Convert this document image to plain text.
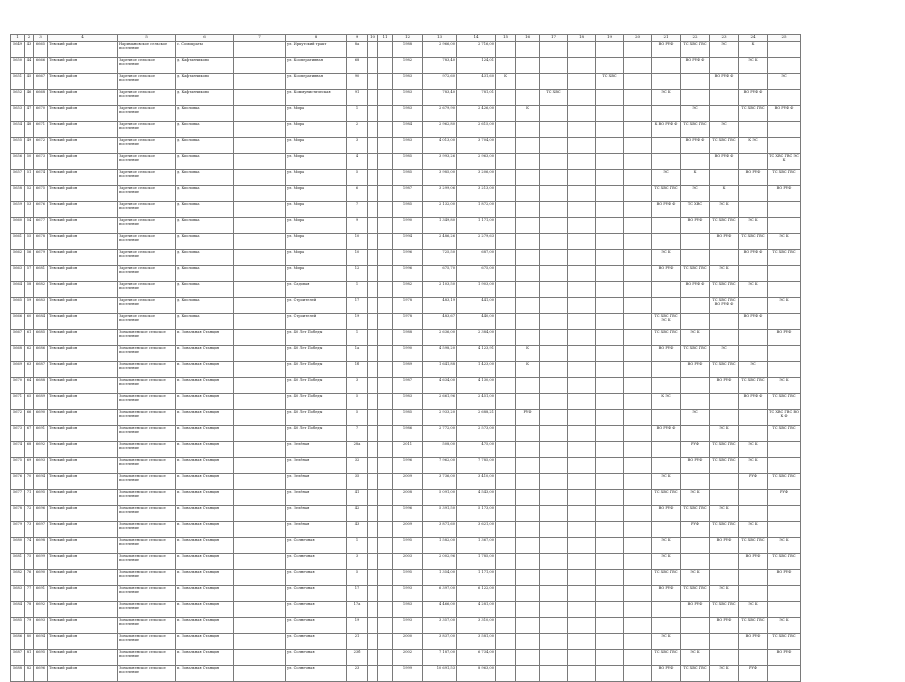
1	2	3	4	5	6	7	8	9	10	11	12	13	14	15	16	17	18	19	20	21	22	23	24	25
5649	43	6665	Тевский район	Наримановское сельское поселение	с. Сомократы		ул. Иркутский тракт	8a			1988	2 966,00	2 716,00							ВО РУФ	ТС ХВС ГВС	ЭС	К	
5650	44	6666	Тевский район	Заречное сельское поселение	д. Кафтанчиково		ул. Кооперативная	68			1982	783,40	124,01								ВО РУФ Ф		ЭС К	
5651	45	6667	Тевский район	Заречное сельское поселение	д. Кафтанчиково		ул. Кооперативная	90			1983	972,60	431,60	К				ТС ХВС				ВО РУФ Ф		ЭС
5652	46	6668	Тевский район	Заречное сельское поселение	д. Кафтанчиково		ул. Коммунистическая	91			1983	783,40	781,01			ТС ХВС				ЭС К			ВО РУФ Ф	
5653	47	6670	Тевский район	Заречное сельское поселение	д. Кисловка		ул. Мира	1			1983	2 679,90	2 426,00		К						ЭС		ТС ХВС ГВС	ВО РУФ Ф
5654	48	6671	Тевский район	Заречное сельское поселение	д. Кисловка		ул. Мира	2			1984	2 962,80	2 615,00							К ВО РУФ Ф	ТС ХВС ГВС	ЭС		
5655	49	6672	Тевский район	Заречное сельское поселение	д. Кисловка		ул. Мира	3			1983	4 013,00	3 704,00								ВО РУФ Ф	ТС ХВС ГВС	К ЭС	
5656	50	6673	Тевский район	Заречное сельское поселение	д. Кисловка		ул. Мира	4			1985	3 993,26	2 963,00									ВО РУФ Ф		ТС ХВС ГВС ЭС К
5657	51	6674	Тевский район	Заречное сельское поселение	д. Кисловка		ул. Мира	5			1985	3 985,00	3 206,00							ЭС	К		ВО РУФ	ТС ХВС ГВС
5658	52	6675	Тевский район	Заречное сельское поселение	д. Кисловка		ул. Мира	6			1987	3 299,06	3 213,00							ТС ХВС ГВС	ЭС	К		ВО РУФ
5659	53	6676	Тевский район	Заречное сельское поселение	д. Кисловка		ул. Мира	7			1985	2 132,00	1 872,00							ВО РУФ Ф	ТС ХВС	ЭС К		
5660	54	6677	Тевский район	Заречное сельское поселение	д. Кисловка		ул. Мира	9			1990	1 349,80	1 171,00								ВО РУФ	ТС ХВС ГВС	ЭС К	
5661	55	6678	Тевский район	Заречное сельское поселение	д. Кисловка		ул. Мира	10			1994	2 486,26	2 279,63									ВО РУФ	ТС ХВС ГВС	ЭС К
5662	56	6679	Тевский район	Заречное сельское поселение	д. Кисловка		ул. Мира	10			1996	725,50	687,00							ЭС К			ВО РУФ Ф	ТС ХВС ГВС
5663	57	6681	Тевский район	Заречное сельское поселение	д. Кисловка		ул. Мира	12			1996	675,70	675,00							ВО РУФ	ТС ХВС ГВС	ЭС К		
5664	58	6682	Тевский район	Заречное сельское поселение	д. Кисловка		ул. Садовая	1			1982	2 103,50	1 903,00								ВО РУФ Ф	ТС ХВС ГВС	ЭС К	
5665	59	6683	Тевский район	Заречное сельское поселение	д. Кисловка		ул. Строителей	17			1978	483,19	441,00									ТС ХВС ГВС ВО РУФ Ф		ЭС К
5666	60	6684	Тевский район	Заречное сельское поселение	д. Кисловка		ул. Строителей	19			1978	483,67	440,00							ТС ХВС ГВС ЭС К			ВО РУФ Ф	
5667	61	6685	Тевский район	Зональненское сельское поселение	п. Зональная Станция		ул. 40 Лет Победы	1			1988	2 636,00	2 384,00							ТС ХВС ГВС	ЭС К			ВО РУФ
5668	62	6686	Тевский район	Зональненское сельское поселение	п. Зональная Станция		ул. 40 Лет Победы	1a			1990	4 598,20	4 123,91		К					ВО РУФ	ТС ХВС ГВС	ЭС		
5669	63	6687	Тевский район	Зональненское сельское поселение	п. Зональная Станция		ул. 40 Лет Победы	1б			1989	1 641,88	1 423,00		К						ВО РУФ	ТС ХВС ГВС	ЭС	
5670	64	6688	Тевский район	Зональненское сельское поселение	п. Зональная Станция		ул. 40 Лет Победы	3			1987	4 634,00	4 130,00									ВО РУФ	ТС ХВС ГВС	ЭС К
5671	65	6689	Тевский район	Зональненское сельское поселение	п. Зональная Станция		ул. 40 Лет Победы	5			1983	2 661,96	2 451,00							К ЭС			ВО РУФ Ф	ТС ХВС ГВС
5672	66	6690	Тевский район	Зональненское сельское поселение	п. Зональная Станция		ул. 40 Лет Победы	5			1985	2 933,20	2 688,21		РУФ						ЭС			ТС ХВС ГВС ВО К Ф
5673	67	6691	Тевский район	Зональненское сельское поселение	п. Зональная Станция		ул. 40 Лет Победы	7			1986	2 772,00	2 573,00							ВО РУФ Ф		ЭС К		ТС ХВС ГВС
5674	68	6692	Тевский район	Зональненское сельское поселение	п. Зональная Станция		ул. Зелёная	28a			2011	508,00	475,00								РУФ	ТС ХВС ГВС	ЭС К	
5675	69	6693	Тевский район	Зональненское сельское поселение	п. Зональная Станция		ул. Зелёная	32			1996	7 962,00	7 785,00								ВО РУФ	ТС ХВС ГВС	ЭС К	
5676	70	6694	Тевский район	Зональненское сельское поселение	п. Зональная Станция		ул. Зелёная	35			2009	3 736,00	3 410,00							ЭС К			РУФ	ТС ХВС ГВС
5677	71	6695	Тевский район	Зональненское сельское поселение	п. Зональная Станция		ул. Зелёная	41			2008	5 091,00	4 543,00							ТС ХВС ГВС	ЭС К			РУФ
5678	72	6696	Тевский район	Зональненское сельское поселение	п. Зональная Станция		ул. Зелёная	42			1996	5 391,50	5 173,00							ВО РУФ	ТС ХВС ГВС	ЭС К		
5679	73	6697	Тевский район	Зональненское сельское поселение	п. Зональная Станция		ул. Зелёная	43			2009	3 871,60	3 621,00								РУФ	ТС ХВС ГВС	ЭС К	
5680	74	6698	Тевский район	Зональненское сельское поселение	п. Зональная Станция		ул. Солнечная	1			1995	1 582,00	1 367,00							ЭС К		ВО РУФ	ТС ХВС ГВС	ЭС К
5681	75	6699	Тевский район	Зональненское сельское поселение	п. Зональная Станция		ул. Солнечная	3			2003	2 002,96	1 785,00							ЭС К			ВО РУФ	ТС ХВС ГВС
5682	76	6690	Тевский район	Зональненское сельское поселение	п. Зональная Станция		ул. Солнечная	5			1995	1 354,00	1 171,00							ТС ХВС ГВС	ЭС К			ВО РУФ
5683	77	6691	Тевский район	Зональненское сельское поселение	п. Зональная Станция		ул. Солнечная	17			1993	6 397,00	6 122,00							ВО РУФ	ТС ХВС ГВС	ЭС К		
5684	78	6692	Тевский район	Зональненское сельское поселение	п. Зональная Станция		ул. Солнечная	17a			1983	4 466,00	4 281,00								ВО РУФ	ТС ХВС ГВС	ЭС К	
5685	79	6693	Тевский район	Зональненское сельское поселение	п. Зональная Станция		ул. Солнечная	19			1993	3 357,00	3 310,00									ВО РУФ	ТС ХВС ГВС	ЭС К
5686	80	6694	Тевский район	Зональненское сельское поселение	п. Зональная Станция		ул. Солнечная	21			2000	3 837,00	3 581,00							ЭС К			ВО РУФ	ТС ХВС ГВС
5687	81	6695	Тевский район	Зональненское сельское поселение	п. Зональная Станция		ул. Солнечная	23б			2002	7 187,00	6 734,00							ТС ХВС ГВС	ЭС К			ВО РУФ
5688	82	6696	Тевский район	Зональненское сельское поселение	п. Зональная Станция		ул. Солнечная	23			1999	10 691,53	8 963,00							ВО РУФ	ТС ХВС ГВС	ЭС К	РУФ	
